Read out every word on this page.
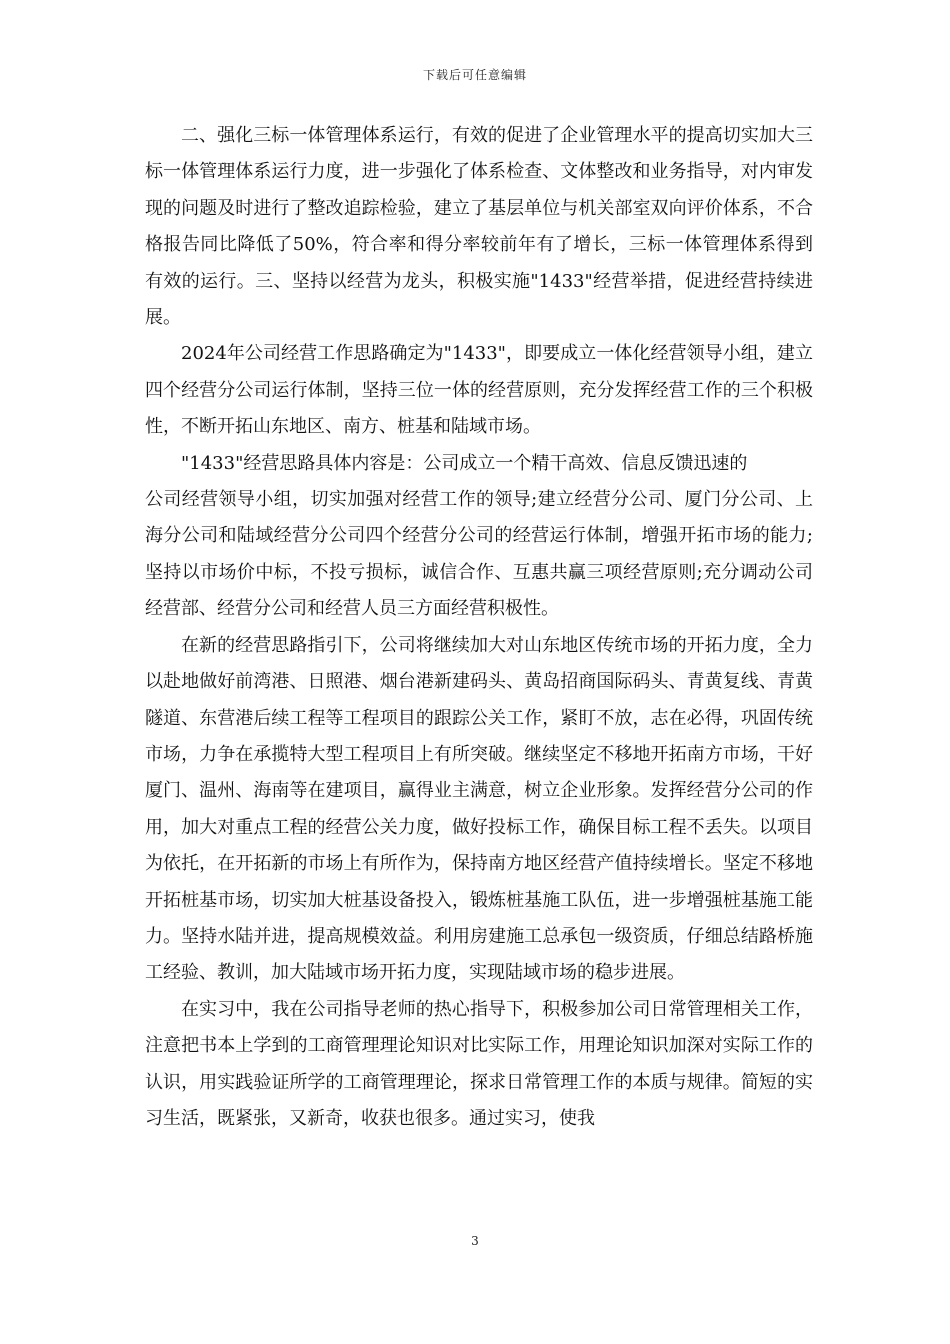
下载后可任意编辑

二、强化三标一体管理体系运行，有效的促进了企业管理水平的提高切实加大三标一体管理体系运行力度，进一步强化了体系检查、文体整改和业务指导，对内审发现的问题及时进行了整改追踪检验，建立了基层单位与机关部室双向评价体系，不合格报告同比降低了50%，符合率和得分率较前年有了增长，三标一体管理体系得到有效的运行。三、坚持以经营为龙头，积极实施"1433"经营举措，促进经营持续进展。

2024年公司经营工作思路确定为"1433"，即要成立一体化经营领导小组，建立四个经营分公司运行体制，坚持三位一体的经营原则，充分发挥经营工作的三个积极性，不断开拓山东地区、南方、桩基和陆域市场。

"1433"经营思路具体内容是：公司成立一个精干高效、信息反馈迅速的

公司经营领导小组，切实加强对经营工作的领导;建立经营分公司、厦门分公司、上海分公司和陆域经营分公司四个经营分公司的经营运行体制，增强开拓市场的能力;坚持以市场价中标，不投亏损标，诚信合作、互惠共赢三项经营原则;充分调动公司经营部、经营分公司和经营人员三方面经营积极性。

在新的经营思路指引下，公司将继续加大对山东地区传统市场的开拓力度，全力以赴地做好前湾港、日照港、烟台港新建码头、黄岛招商国际码头、青黄复线、青黄隧道、东营港后续工程等工程项目的跟踪公关工作，紧盯不放，志在必得，巩固传统市场，力争在承揽特大型工程项目上有所突破。继续坚定不移地开拓南方市场，干好厦门、温州、海南等在建项目，赢得业主满意，树立企业形象。发挥经营分公司的作用，加大对重点工程的经营公关力度，做好投标工作，确保目标工程不丢失。以项目为依托，在开拓新的市场上有所作为，保持南方地区经营产值持续增长。坚定不移地开拓桩基市场，切实加大桩基设备投入，锻炼桩基施工队伍，进一步增强桩基施工能力。坚持水陆并进，提高规模效益。利用房建施工总承包一级资质，仔细总结路桥施工经验、教训，加大陆域市场开拓力度，实现陆域市场的稳步进展。

在实习中，我在公司指导老师的热心指导下，积极参加公司日常管理相关工作，注意把书本上学到的工商管理理论知识对比实际工作，用理论知识加深对实际工作的认识，用实践验证所学的工商管理理论，探求日常管理工作的本质与规律。简短的实习生活，既紧张，又新奇，收获也很多。通过实习，使我

3
